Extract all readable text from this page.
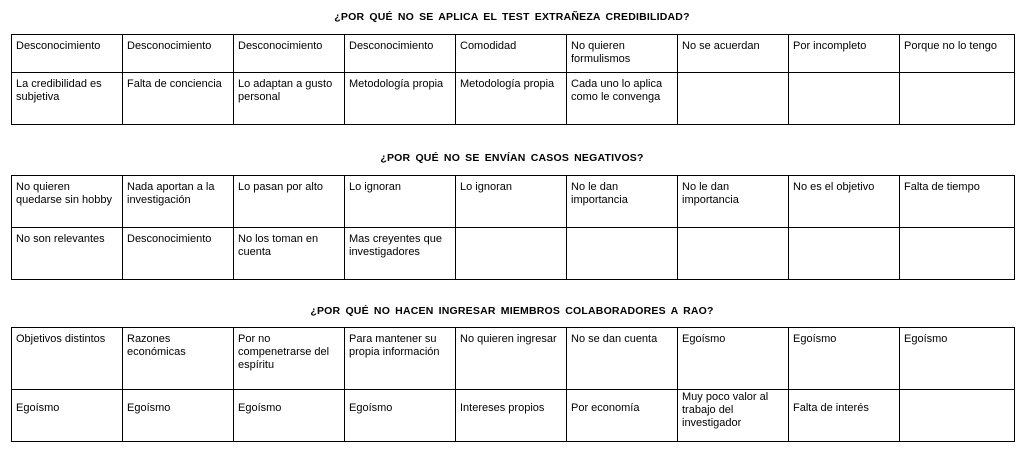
¿POR QUÉ NO SE APLICA EL TEST EXTRAÑEZA CREDIBILIDAD?
Desconocimiento	Desconocimiento	Desconocimiento	Desconocimiento	Comodidad	No quieren formulismos	No se acuerdan	Por incompleto	Porque no lo tengo
La credibilidad es subjetiva	Falta de conciencia	Lo adaptan a gusto personal	Metodología propia	Metodología propia	Cada uno lo aplica como le convenga			
¿POR QUÉ NO SE ENVÍAN CASOS NEGATIVOS?
No quieren quedarse sin hobby	Nada aportan a la investigación	Lo pasan por alto	Lo ignoran	Lo ignoran	No le dan importancia	No le dan importancia	No es el objetivo	Falta de tiempo
No son relevantes	Desconocimiento	No los toman en cuenta	Mas creyentes que investigadores					
¿POR QUÉ NO HACEN INGRESAR MIEMBROS COLABORADORES A RAO?
Objetivos distintos	Razones económicas	Por no compenetrarse del espíritu	Para mantener su propia información	No quieren ingresar	No se dan cuenta	Egoísmo	Egoísmo	Egoísmo
Egoísmo	Egoísmo	Egoísmo	Egoísmo	Intereses propios	Por economía	Muy poco valor al trabajo del investigador	Falta de interés	
